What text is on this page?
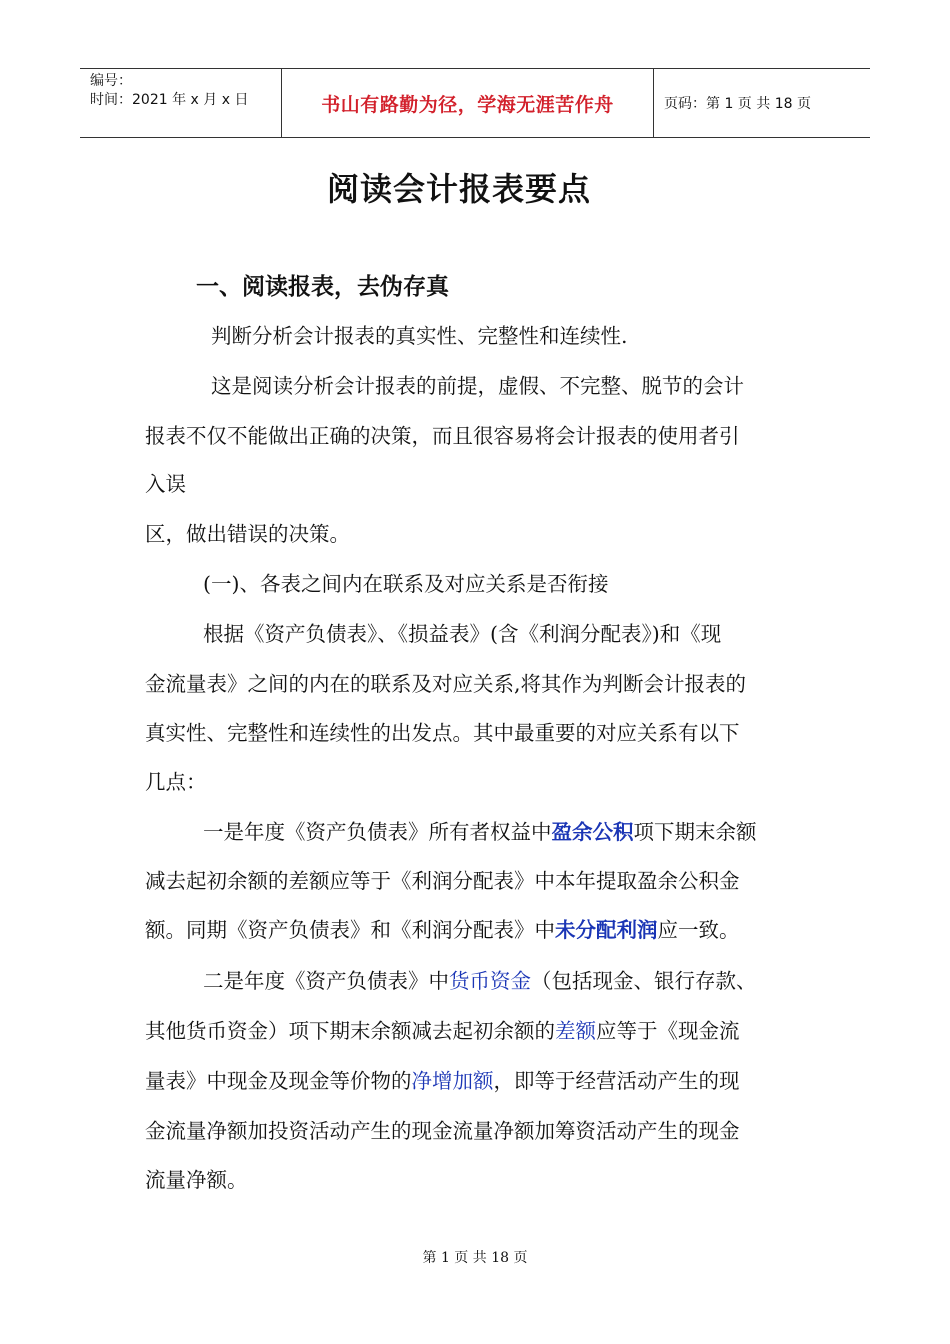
编号：
时间：2021 年 x 月 x 日	书山有路勤为径，学海无涯苦作舟	页码：第 1 页 共 18 页
阅读会计报表要点
一、阅读报表，去伪存真
判断分析会计报表的真实性、完整性和连续性.
这是阅读分析会计报表的前提，虚假、不完整、脱节的会计
报表不仅不能做出正确的决策，而且很容易将会计报表的使用者引
入误
区，做出错误的决策。
(一)、各表之间内在联系及对应关系是否衔接
根据《资产负债表》、《损益表》(含《利润分配表》)和《现
金流量表》之间的内在的联系及对应关系,将其作为判断会计报表的
真实性、完整性和连续性的出发点。其中最重要的对应关系有以下
几点：
一是年度《资产负债表》所有者权益中盈余公积项下期末余额
减去起初余额的差额应等于《利润分配表》中本年提取盈余公积金
额。同期《资产负债表》和《利润分配表》中未分配利润应一致。
二是年度《资产负债表》中货币资金（包括现金、银行存款、
其他货币资金）项下期末余额减去起初余额的差额应等于《现金流
量表》中现金及现金等价物的净增加额，即等于经营活动产生的现
金流量净额加投资活动产生的现金流量净额加筹资活动产生的现金
流量净额。
第 1 页 共 18 页
